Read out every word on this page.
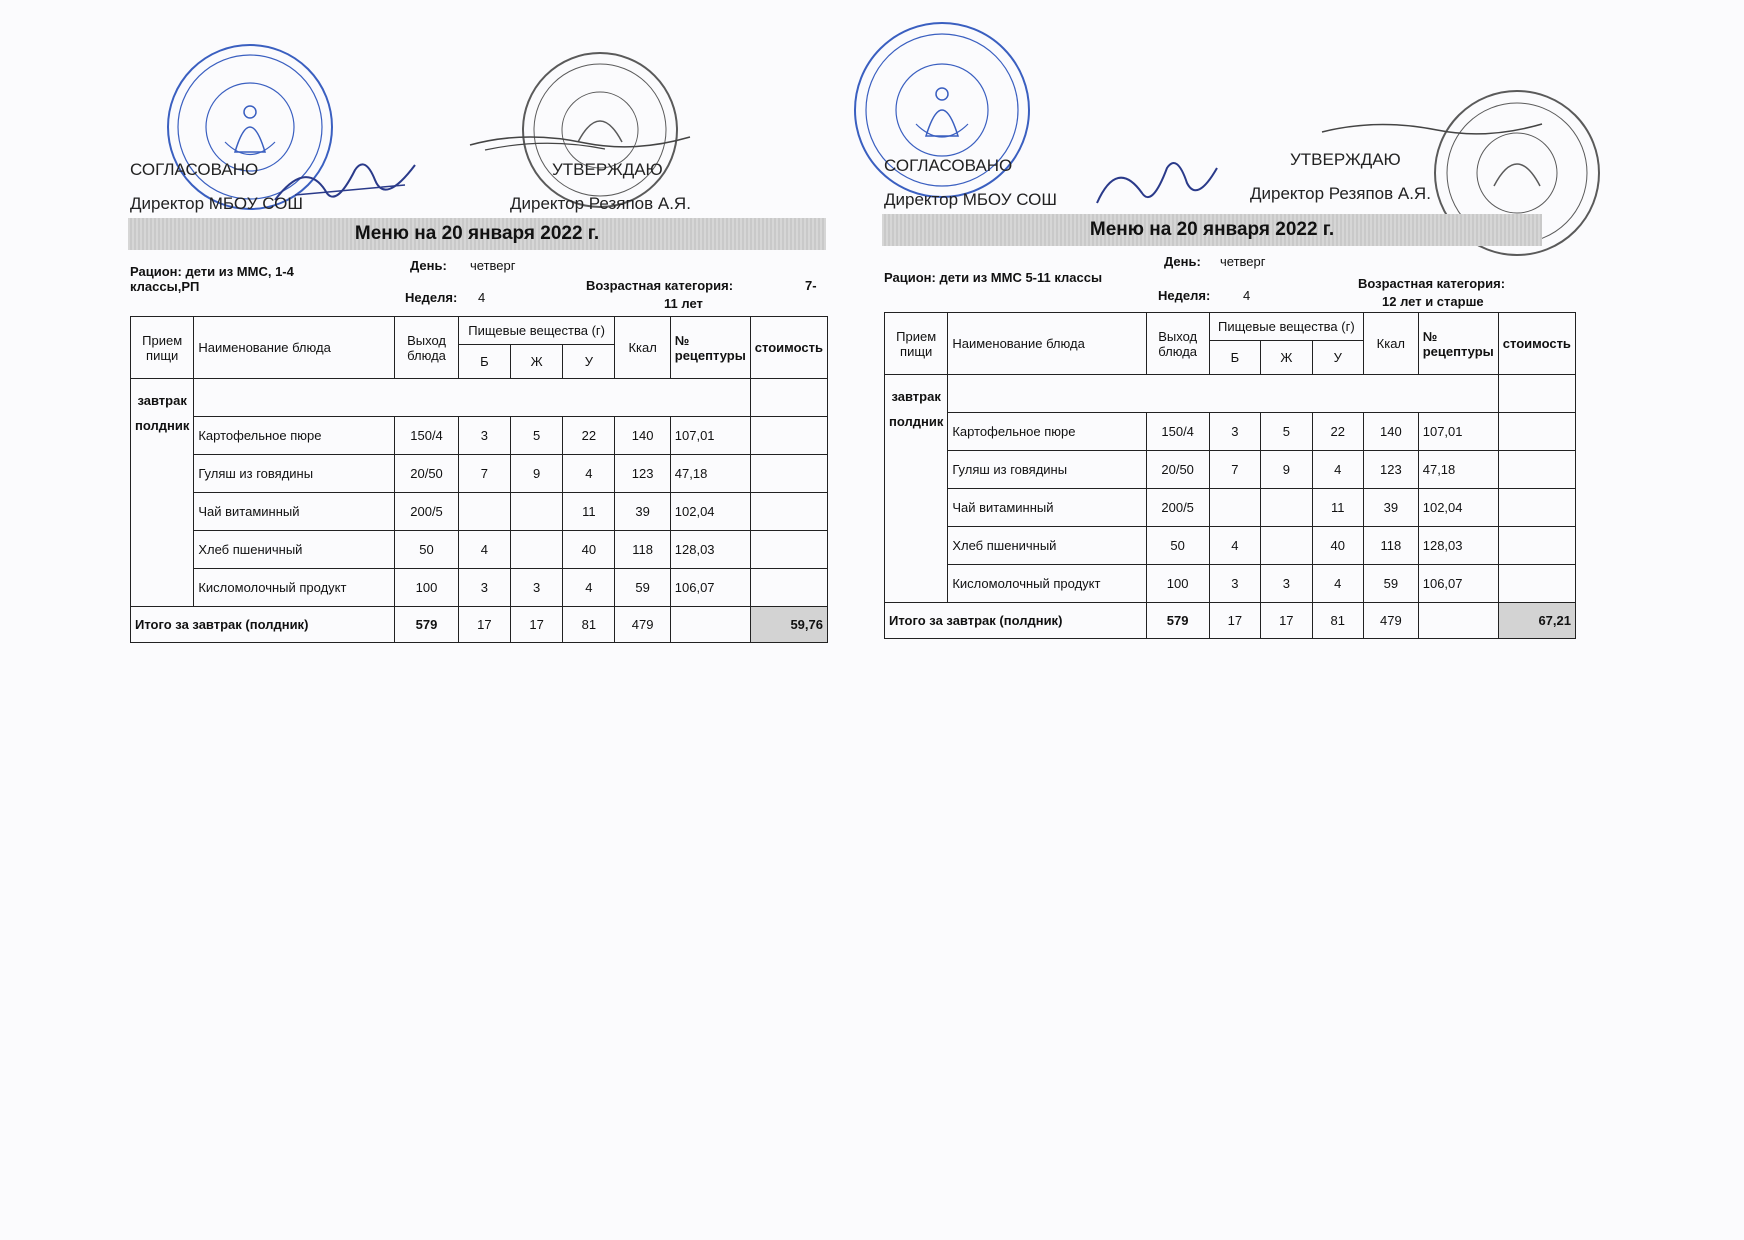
СОГЛАСОВАНО
Директор МБОУ СОШ
УТВЕРЖДАЮ
Директор Резяпов А.Я.
Меню на 20 января 2022 г.
Рацион: дети из ММС, 1-4 классы,РП
День: четверг
Неделя: 4
Возрастная категория:	7-
11 лет
Прием пищи	Наименование блюда	Выход блюда	Пищевые вещества (г)			Ккал	№ рецептуры	стоимость
			Б	Ж	У			

завтрак
полдник								

	Картофельное пюре	150/4	3	5	22	140	107,01	
	Гуляш из говядины	20/50	7	9	4	123	47,18	
	Чай витаминный	200/5			11	39	102,04	
	Хлеб пшеничный	50	4		40	118	128,03	
	Кисломолочный продукт	100	3	3	4	59	106,07	
Итого за завтрак (полдник)		579	17	17	81	479		59,76
СОГЛАСОВАНО
Директор МБОУ СОШ
УТВЕРЖДАЮ
Директор Резяпов А.Я.
Меню на 20 января 2022 г.
Рацион: дети из ММС 5-11 классы
День: четверг
Неделя:	4
Возрастная категория:
12 лет и старше
Прием пищи	Наименование блюда	Выход блюда	Пищевые вещества (г)			Ккал	№ рецептуры	стоимость
			Б	Ж	У			

завтрак
полдник								

	Картофельное пюре	150/4	3	5	22	140	107,01	
	Гуляш из говядины	20/50	7	9	4	123	47,18	
	Чай витаминный	200/5			11	39	102,04	
	Хлеб пшеничный	50	4		40	118	128,03	
	Кисломолочный продукт	100	3	3	4	59	106,07	
Итого за завтрак (полдник)		579	17	17	81	479		67,21
